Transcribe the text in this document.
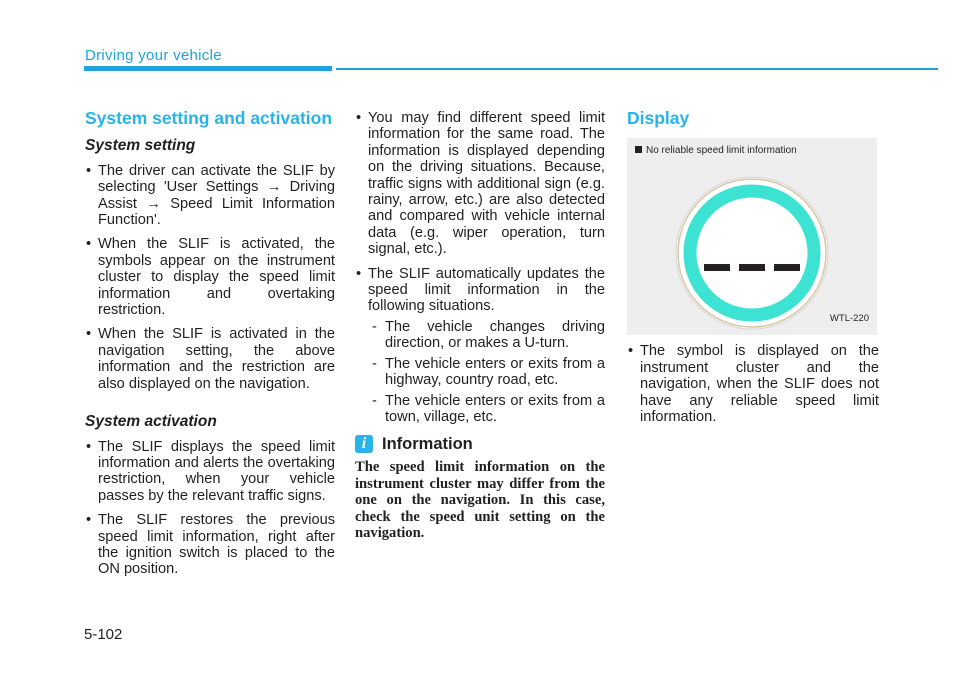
Driving your vehicle
System setting and activation
System setting
• The driver can activate the SLIF by selecting 'User Settings → Driving Assist → Speed Limit Information Function'.
• When the SLIF is activated, the symbols appear on the instrument cluster to display the speed limit information and overtaking restriction.
• When the SLIF is activated in the navigation setting, the above information and the restriction are also displayed on the navigation.
System activation
• The SLIF displays the speed limit information and alerts the overtaking restriction, when your vehicle passes by the relevant traffic signs.
• The SLIF restores the previous speed limit information, right after the ignition switch is placed to the ON position.
• You may find different speed limit information for the same road. The information is displayed depending on the driving situations. Because, traffic signs with additional sign (e.g. rainy, arrow, etc.) are also detected and compared with vehicle internal data (e.g. wiper operation, turn signal, etc.).
• The SLIF automatically updates the speed limit information in the following situations.
- The vehicle changes driving direction, or makes a U-turn.
- The vehicle enters or exits from a highway, country road, etc.
- The vehicle enters or exits from a town, village, etc.
i Information
The speed limit information on the instrument cluster may differ from the one on the navigation. In this case, check the speed unit setting on the navigation.
Display
No reliable speed limit information
WTL-220
• The symbol is displayed on the instrument cluster and the navigation, when the SLIF does not have any reliable speed limit information.
5-102
